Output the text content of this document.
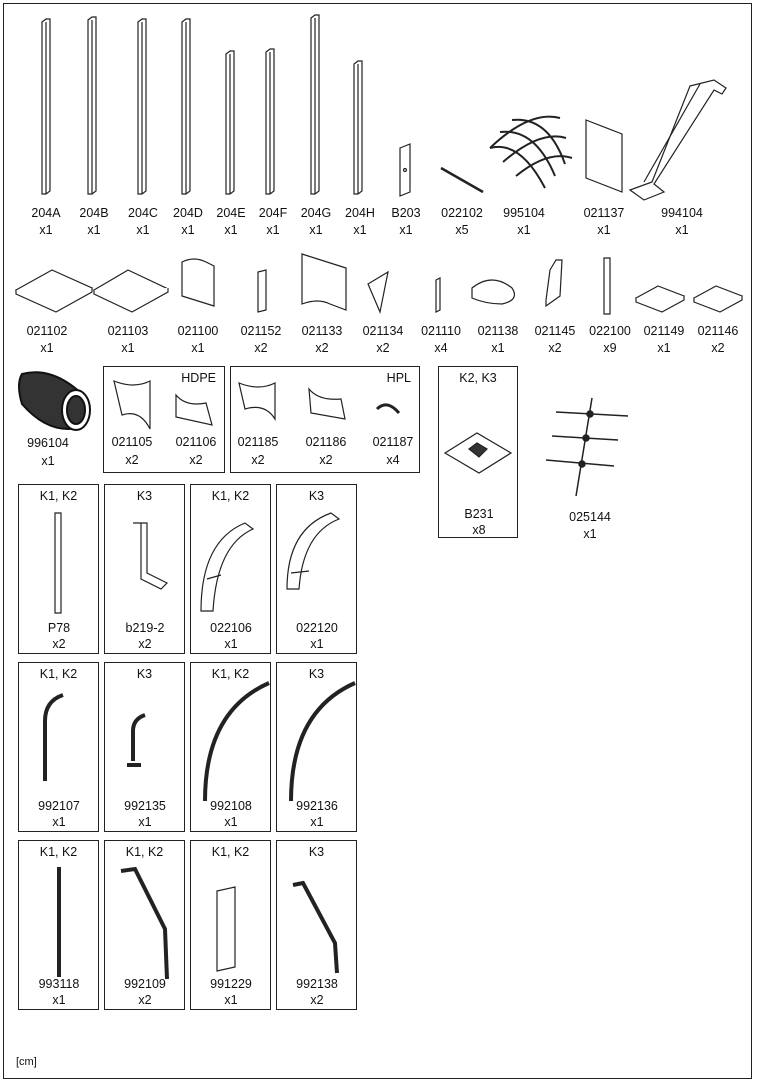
204A
x1
204B
x1
204C
x1
204D
x1
204E
x1
204F
x1
204G
x1
204H
x1
B203
x1
022102
x5
995104
x1
021137
x1
994104
x1
021102
x1
021103
x1
021100
x1
021152
x2
021133
x2
021134
x2
021110
x4
021138
x1
021145
x2
022100
x9
021149
x1
021146
x2
996104
x1
HDPE
021105
x2
021106
x2
HPL
021185
x2
021186
x2
021187
x4
K2, K3
B231
x8
025144
x1
K1, K2
P78
x2
K3
b219-2
x2
K1, K2
022106
x1
K3
022120
x1
K1, K2
992107
x1
K3
992135
x1
K1, K2
992108
x1
K3
992136
x1
K1, K2
993118
x1
K1, K2
992109
x2
K1, K2
991229
x1
K3
992138
x2
[cm]
